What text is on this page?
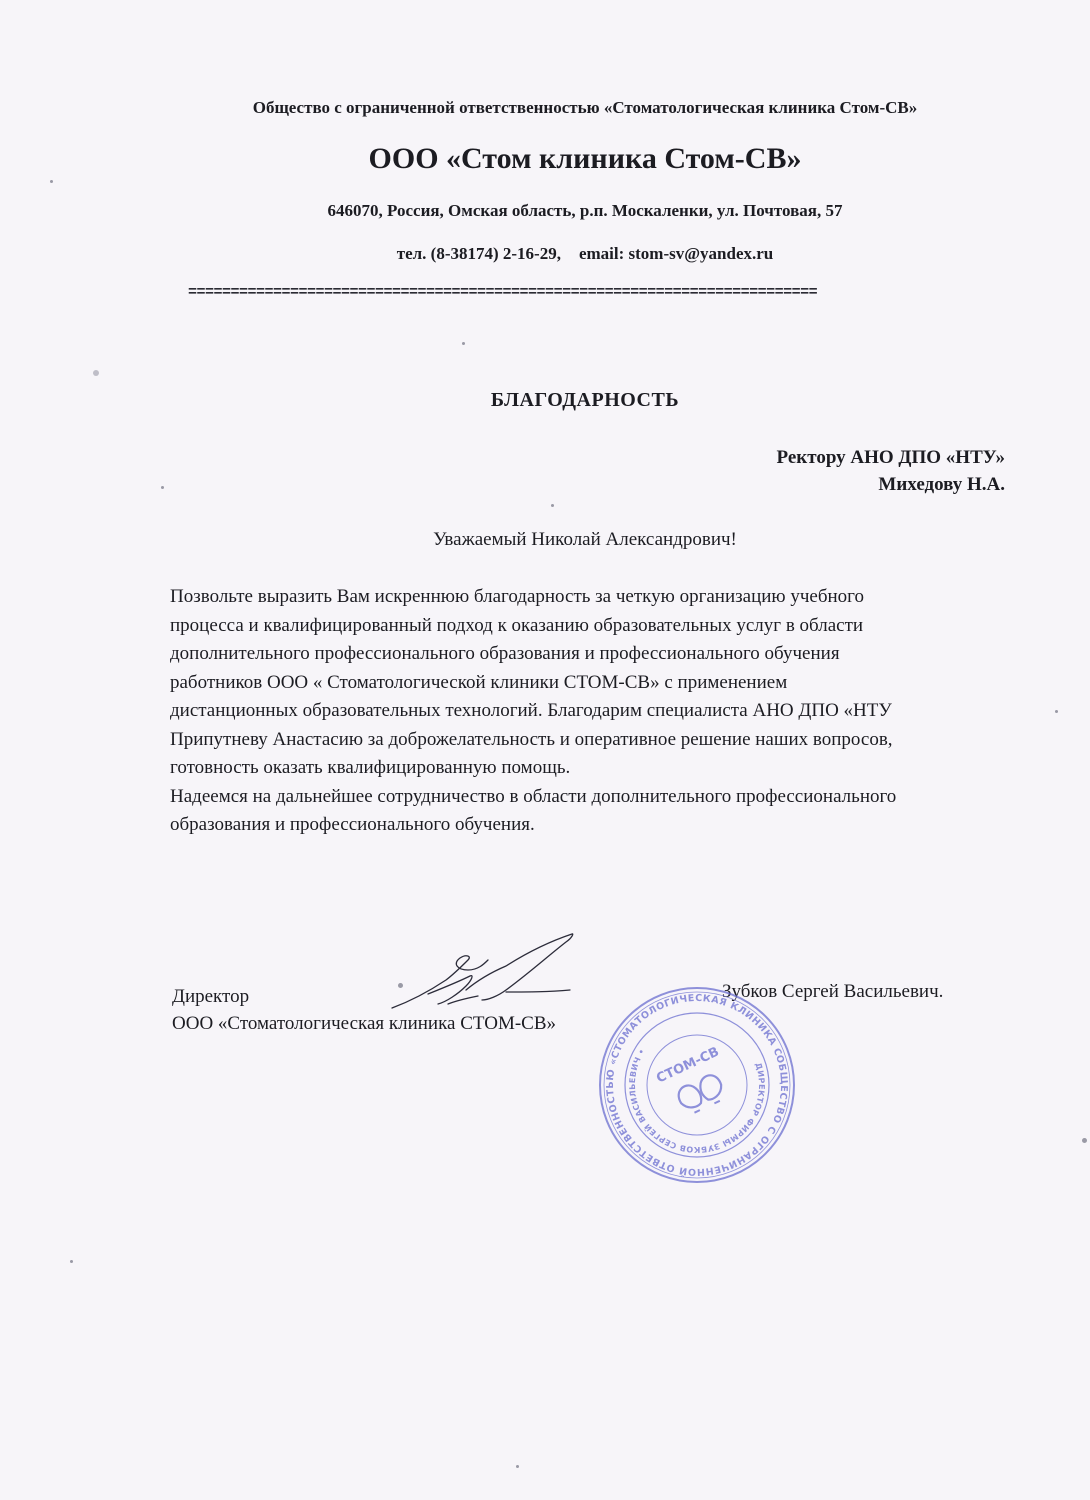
Общество с ограниченной ответственностью «Стоматологическая клиника Стом-СВ»
ООО «Стом клиника Стом-СВ»
646070, Россия, Омская область, р.п. Москаленки, ул. Почтовая, 57
тел. (8-38174) 2-16-29, email: stom-sv@yandex.ru
==========================================================================
БЛАГОДАРНОСТЬ
Ректору АНО ДПО «НТУ»
Михедову Н.А.
Уважаемый Николай Александрович!

Позвольте выразить Вам искреннюю благодарность за четкую организацию учебного

процесса и квалифицированный подход к оказанию образовательных услуг в области

дополнительного профессионального образования и профессионального обучения

работников ООО « Стоматологической клиники СТОМ-СВ» с применением

дистанционных образовательных технологий. Благодарим специалиста АНО ДПО «НТУ

Припутневу Анастасию за доброжелательность и оперативное решение наших вопросов,

готовность оказать квалифицированную помощь.

Надеемся на дальнейшее сотрудничество в области дополнительного профессионального

образования и профессионального обучения.

Директор
ООО «Стоматологическая клиника СТОМ-СВ»
Зубков Сергей Васильевич.
ОБЩЕСТВО С ОГРАНИЧЕННОЙ ОТВЕТСТВЕННОСТЬЮ «СТОМАТОЛОГИЧЕСКАЯ КЛИНИКА СТОМ-СВ»
ДИРЕКТОР ФИРМЫ ЗУБКОВ СЕРГЕЙ ВАСИЛЬЕВИЧ • СТОМ-СВ
